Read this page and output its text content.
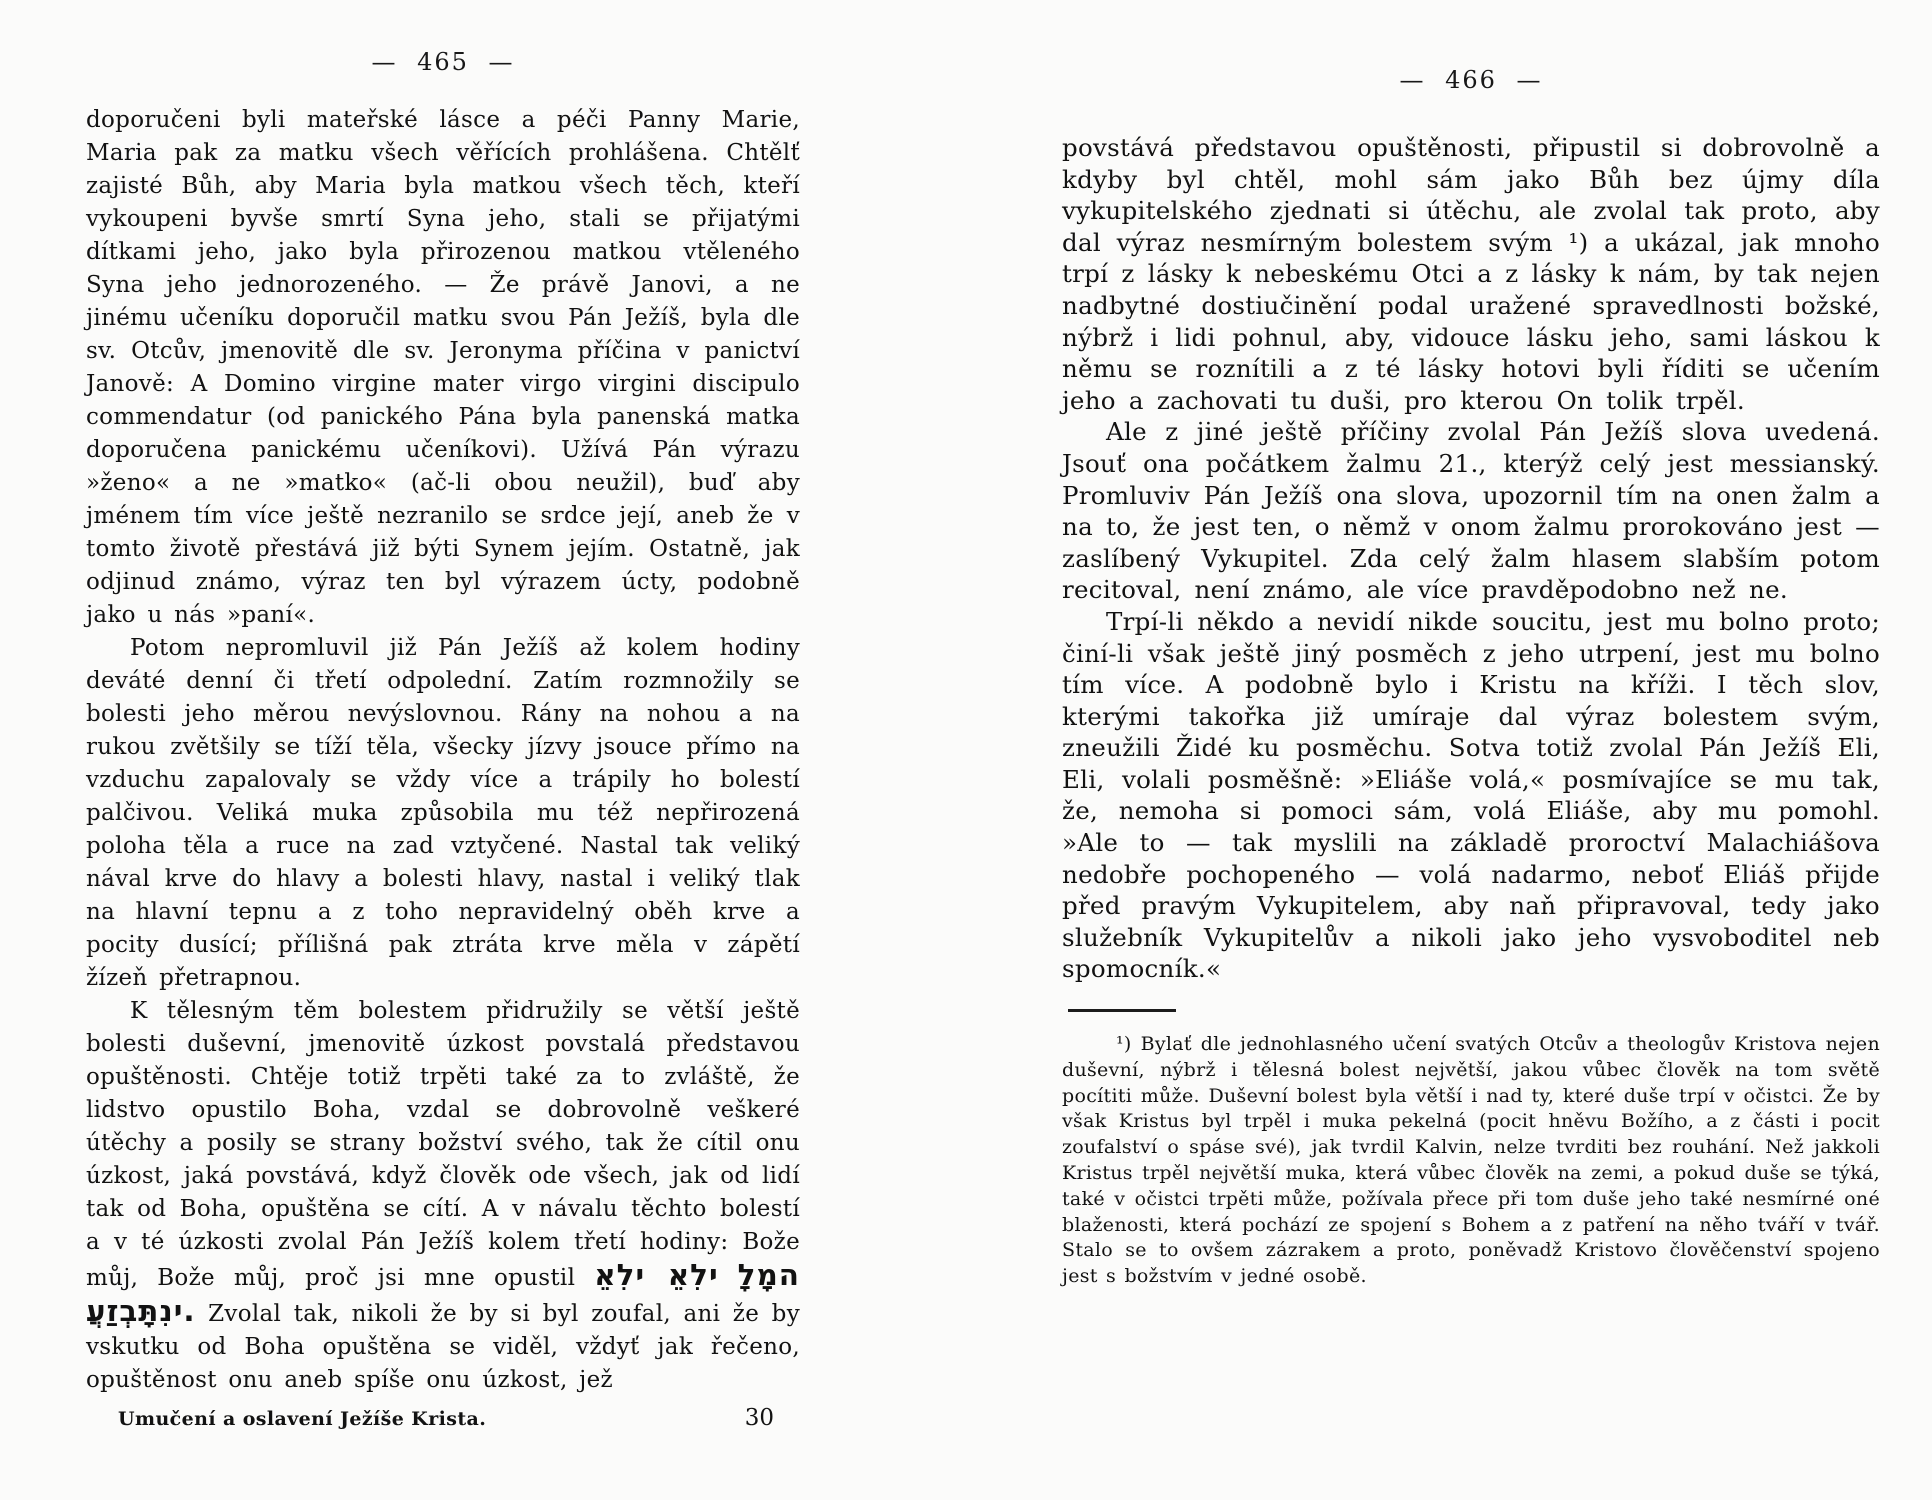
— 465 —

doporučeni byli mateřské lásce a péči Panny Marie, Maria pak za matku všech věřících prohlášena. Chtělť zajisté Bůh, aby Maria byla matkou všech těch, kteří vykoupeni byvše smrtí Syna jeho, stali se přijatými dítkami jeho, jako byla přirozenou matkou vtěleného Syna jeho jednorozeného. — Že právě Janovi, a ne jinému učeníku doporučil matku svou Pán Ježíš, byla dle sv. Otcův, jmenovitě dle sv. Jeronyma příčina v panictví Janově: A Domino virgine mater virgo virgini discipulo commendatur (od panického Pána byla panenská matka doporučena panickému učeníkovi). Užívá Pán výrazu »ženo« a ne »matko« (ač-li obou neužil), buď aby jménem tím více ještě nezranilo se srdce její, aneb že v tomto životě přestává již býti Synem jejím. Ostatně, jak odjinud známo, výraz ten byl výrazem úcty, podobně jako u nás »paní«.

Potom nepromluvil již Pán Ježíš až kolem hodiny deváté denní či třetí odpolední. Zatím rozmnožily se bolesti jeho měrou nevýslovnou. Rány na nohou a na rukou zvětšily se tíží těla, všecky jízvy jsouce přímo na vzduchu zapalovaly se vždy více a trápily ho bolestí palčivou. Veliká muka způsobila mu též nepřirozená poloha těla a ruce na zad vztyčené. Nastal tak veliký nával krve do hlavy a bolesti hlavy, nastal i veliký tlak na hlavní tepnu a z toho nepravidelný oběh krve a pocity dusící; přílišná pak ztráta krve měla v zápětí žízeň přetrapnou.

K tělesným těm bolestem přidružily se větší ještě bolesti duševní, jmenovitě úzkost povstalá představou opuštěnosti. Chtěje totiž trpěti také za to zvláště, že lidstvo opustilo Boha, vzdal se dobrovolně veškeré útěchy a posily se strany božství svého, tak že cítil onu úzkost, jaká povstává, když člověk ode všech, jak od lidí tak od Boha, opuštěna se cítí. A v návalu těchto bolestí a v té úzkosti zvolal Pán Ježíš kolem třetí hodiny: Bože můj, Bože můj, proč jsi mne opustil אֵלִי אֵלִי לָמָה עֲזַבְתָּנִי. Zvolal tak, nikoli že by si byl zoufal, ani že by vskutku od Boha opuštěna se viděl, vždyť jak řečeno, opuštěnost onu aneb spíše onu úzkost, jež

Umučení a oslavení Ježíše Krista.	30
— 466 —

povstává představou opuštěnosti, připustil si dobrovolně a kdyby byl chtěl, mohl sám jako Bůh bez újmy díla vykupitelského zjednati si útěchu, ale zvolal tak proto, aby dal výraz nesmírným bolestem svým ¹) a ukázal, jak mnoho trpí z lásky k nebeskému Otci a z lásky k nám, by tak nejen nadbytné dostiučinění podal uražené spravedlnosti božské, nýbrž i lidi pohnul, aby, vidouce lásku jeho, sami láskou k němu se roznítili a z té lásky hotovi byli říditi se učením jeho a zachovati tu duši, pro kterou On tolik trpěl.

Ale z jiné ještě příčiny zvolal Pán Ježíš slova uvedená. Jsouť ona počátkem žalmu 21., kterýž celý jest messianský. Promluviv Pán Ježíš ona slova, upozornil tím na onen žalm a na to, že jest ten, o němž v onom žalmu prorokováno jest — zaslíbený Vykupitel. Zda celý žalm hlasem slabším potom recitoval, není známo, ale více pravděpodobno než ne.

Trpí-li někdo a nevidí nikde soucitu, jest mu bolno proto; činí-li však ještě jiný posměch z jeho utrpení, jest mu bolno tím více. A podobně bylo i Kristu na kříži. I těch slov, kterými takořka již umíraje dal výraz bolestem svým, zneužili Židé ku posměchu. Sotva totiž zvolal Pán Ježíš Eli, Eli, volali posměšně: »Eliáše volá,« posmívajíce se mu tak, že, nemoha si pomoci sám, volá Eliáše, aby mu pomohl. »Ale to — tak myslili na základě proroctví Malachiášova nedobře pochopeného — volá nadarmo, neboť Eliáš přijde před pravým Vykupitelem, aby naň připravoval, tedy jako služebník Vykupitelův a nikoli jako jeho vysvoboditel neb spomocník.«

¹) Bylať dle jednohlasného učení svatých Otcův a theologův Kristova nejen duševní, nýbrž i tělesná bolest největší, jakou vůbec člověk na tom světě pocítiti může. Duševní bolest byla větší i nad ty, které duše trpí v očistci. Že by však Kristus byl trpěl i muka pekelná (pocit hněvu Božího, a z části i pocit zoufalství o spáse své), jak tvrdil Kalvin, nelze tvrditi bez rouhání. Než jakkoli Kristus trpěl největší muka, která vůbec člověk na zemi, a pokud duše se týká, také v očistci trpěti může, požívala přece při tom duše jeho také nesmírné oné blaženosti, která pochází ze spojení s Bohem a z patření na něho tváří v tvář. Stalo se to ovšem zázrakem a proto, poněvadž Kristovo člověčenství spojeno jest s božstvím v jedné osobě.
